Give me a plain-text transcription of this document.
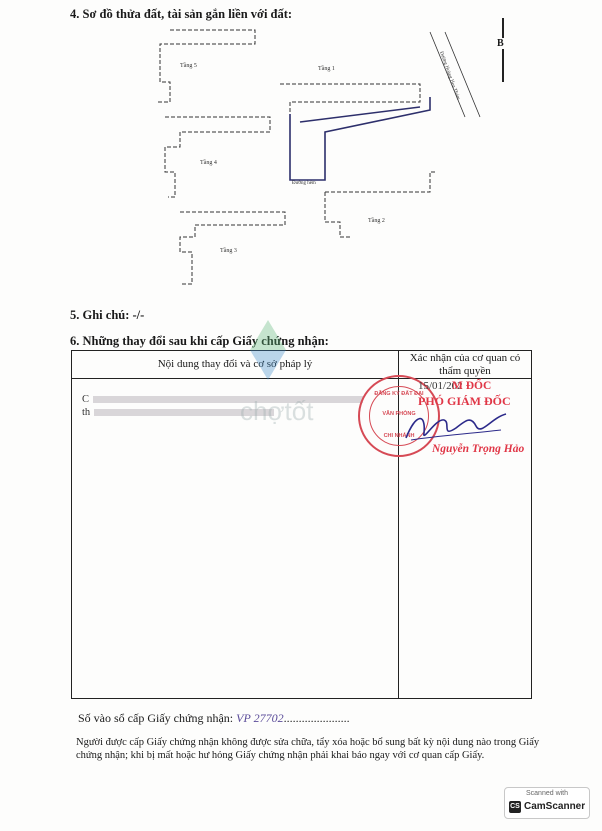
4. Sơ đồ thửa đất, tài sản gắn liền với đất:
Tầng 5	Tầng 1
Tầng 4
Tầng 3
Tầng 2
Đường hẻm
Đường Hoàng Hoa Thám
B
5. Ghi chú: -/-
6. Những thay đổi sau khi cấp Giấy chứng nhận:
Nội dung thay đổi và cơ sở pháp lý	Xác nhận của cơ quan có thẩm quyền

C
th	

ĐĂNG KÝ ĐẤT ĐAI
VĂN PHÒNG
CHI NHÁNH
15/01/202
M ĐỐC
PHÓ GIÁM ĐỐC
Nguyễn Trọng Hảo
Số vào sổ cấp Giấy chứng nhận: VP 27702......................
Người được cấp Giấy chứng nhận không được sửa chữa, tẩy xóa hoặc bổ sung bất kỳ nội dung nào trong Giấy chứng nhận; khi bị mất hoặc hư hỏng Giấy chứng nhận phải khai báo ngay với cơ quan cấp Giấy.
chợtốt
Scanned with
CS CamScanner
